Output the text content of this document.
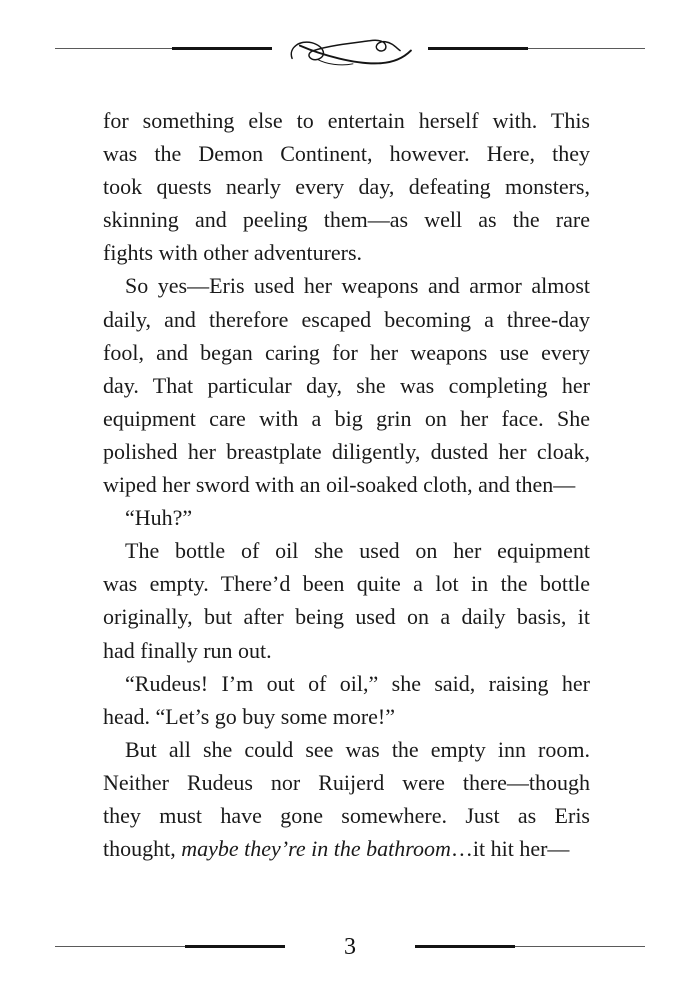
for something else to entertain herself with. This
was the Demon Continent, however. Here, they
took quests nearly every day, defeating monsters,
skinning and peeling them—as well as the rare
fights with other adventurers.
So yes—Eris used her weapons and armor almost
daily, and therefore escaped becoming a three-day
fool, and began caring for her weapons use every
day. That particular day, she was completing her
equipment care with a big grin on her face. She
polished her breastplate diligently, dusted her cloak,
wiped her sword with an oil-soaked cloth, and then—
“Huh?”
The bottle of oil she used on her equipment
was empty. There’d been quite a lot in the bottle
originally, but after being used on a daily basis, it
had finally run out.
“Rudeus! I’m out of oil,” she said, raising her
head. “Let’s go buy some more!”
But all she could see was the empty inn room.
Neither Rudeus nor Ruijerd were there—though
they must have gone somewhere. Just as Eris
thought, maybe they’re in the bathroom…it hit her—
3
